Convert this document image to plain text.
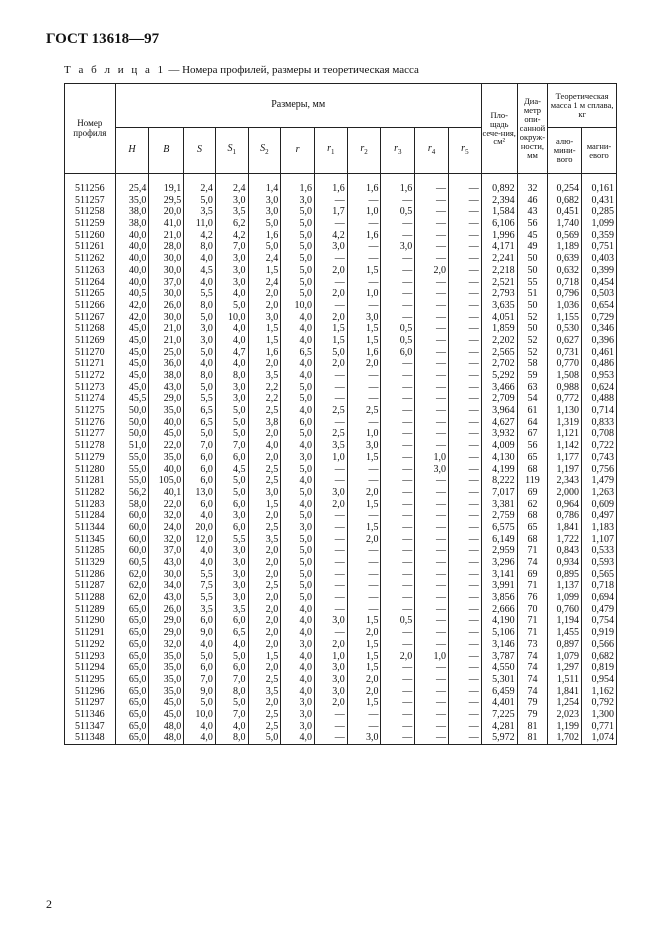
ГОСТ 13618—97
Т а б л и ц а 1 — Номера профилей, размеры и теоретическая масса
Номер профиля	Размеры, мм											Пло-щадь сече-ния, см²	Диа-метр опи-санной окруж-ности, мм	Теоретическая масса 1 м сплава, кг	
	H	B	S	$S_1$	$S_2$	r	$r_1$	$r_2$	$r_3$	$r_4$	$r_5$			алю-мини-вого	магни-евого
511256	25,4	19,1	2,4	2,4	1,4	1,6	1,6	1,6	1,6	—	—	0,892	32	0,254	0,161
511257	35,0	29,5	5,0	3,0	3,0	3,0	—	—	—	—	—	2,394	46	0,682	0,431
511258	38,0	20,0	3,5	3,5	3,0	5,0	1,7	1,0	0,5	—	—	1,584	43	0,451	0,285
511259	38,0	41,0	11,0	6,2	5,0	5,0	—	—	—	—	—	6,106	56	1,740	1,099
511260	40,0	21,0	4,2	4,2	1,6	5,0	4,2	1,6	—	—	—	1,996	45	0,569	0,359
511261	40,0	28,0	8,0	7,0	5,0	5,0	3,0	—	3,0	—	—	4,171	49	1,189	0,751
511262	40,0	30,0	4,0	3,0	2,4	5,0	—	—	—	—	—	2,241	50	0,639	0,403
511263	40,0	30,0	4,5	3,0	1,5	5,0	2,0	1,5	—	2,0	—	2,218	50	0,632	0,399
511264	40,0	37,0	4,0	3,0	2,4	5,0	—	—	—	—	—	2,521	55	0,718	0,454
511265	40,5	30,0	5,5	4,0	2,0	5,0	2,0	1,0	—	—	—	2,793	51	0,796	0,503
511266	42,0	26,0	8,0	5,0	2,0	10,0	—	—	—	—	—	3,635	50	1,036	0,654
511267	42,0	30,0	5,0	10,0	3,0	4,0	2,0	3,0	—	—	—	4,051	52	1,155	0,729
511268	45,0	21,0	3,0	4,0	1,5	4,0	1,5	1,5	0,5	—	—	1,859	50	0,530	0,346
511269	45,0	21,0	3,0	4,0	1,5	4,0	1,5	1,5	0,5	—	—	2,202	52	0,627	0,396
511270	45,0	25,0	5,0	4,7	1,6	6,5	5,0	1,6	6,0	—	—	2,565	52	0,731	0,461
511271	45,0	36,0	4,0	4,0	2,0	4,0	2,0	2,0	—	—	—	2,702	58	0,770	0,486
511272	45,0	38,0	8,0	8,0	3,5	4,0	—	—	—	—	—	5,292	59	1,508	0,953
511273	45,0	43,0	5,0	3,0	2,2	5,0	—	—	—	—	—	3,466	63	0,988	0,624
511274	45,5	29,0	5,5	3,0	2,2	5,0	—	—	—	—	—	2,709	54	0,772	0,488
511275	50,0	35,0	6,5	5,0	2,5	4,0	2,5	2,5	—	—	—	3,964	61	1,130	0,714
511276	50,0	40,0	6,5	5,0	3,8	6,0	—	—	—	—	—	4,627	64	1,319	0,833
511277	50,0	45,0	5,0	5,0	2,0	5,0	2,5	1,0	—	—	—	3,932	67	1,121	0,708
511278	51,0	22,0	7,0	7,0	4,0	4,0	3,5	3,0	—	—	—	4,009	56	1,142	0,722
511279	55,0	35,0	6,0	6,0	2,0	3,0	1,0	1,5	—	1,0	—	4,130	65	1,177	0,743
511280	55,0	40,0	6,0	4,5	2,5	5,0	—	—	—	3,0	—	4,199	68	1,197	0,756
511281	55,0	105,0	6,0	5,0	2,5	4,0	—	—	—	—	—	8,222	119	2,343	1,479
511282	56,2	40,1	13,0	5,0	3,0	5,0	3,0	2,0	—	—	—	7,017	69	2,000	1,263
511283	58,0	22,0	6,0	6,0	1,5	4,0	2,0	1,5	—	—	—	3,381	62	0,964	0,609
511284	60,0	32,0	4,0	3,0	2,0	5,0	—	—	—	—	—	2,759	68	0,786	0,497
511344	60,0	24,0	20,0	6,0	2,5	3,0	—	1,5	—	—	—	6,575	65	1,841	1,183
511345	60,0	32,0	12,0	5,5	3,5	5,0	—	2,0	—	—	—	6,149	68	1,722	1,107
511285	60,0	37,0	4,0	3,0	2,0	5,0	—	—	—	—	—	2,959	71	0,843	0,533
511329	60,5	43,0	4,0	3,0	2,0	5,0	—	—	—	—	—	3,296	74	0,934	0,593
511286	62,0	30,0	5,5	3,0	2,0	5,0	—	—	—	—	—	3,141	69	0,895	0,565
511287	62,0	34,0	7,5	3,0	2,5	5,0	—	—	—	—	—	3,991	71	1,137	0,718
511288	62,0	43,0	5,5	3,0	2,0	5,0	—	—	—	—	—	3,856	76	1,099	0,694
511289	65,0	26,0	3,5	3,5	2,0	4,0	—	—	—	—	—	2,666	70	0,760	0,479
511290	65,0	29,0	6,0	6,0	2,0	4,0	3,0	1,5	0,5	—	—	4,190	71	1,194	0,754
511291	65,0	29,0	9,0	6,5	2,0	4,0	—	2,0	—	—	—	5,106	71	1,455	0,919
511292	65,0	32,0	4,0	4,0	2,0	3,0	2,0	1,5	—	—	—	3,146	73	0,897	0,566
511293	65,0	35,0	5,0	5,0	1,5	4,0	1,0	1,5	2,0	1,0	—	3,787	74	1,079	0,682
511294	65,0	35,0	6,0	6,0	2,0	4,0	3,0	1,5	—	—	—	4,550	74	1,297	0,819
511295	65,0	35,0	7,0	7,0	2,5	4,0	3,0	2,0	—	—	—	5,301	74	1,511	0,954
511296	65,0	35,0	9,0	8,0	3,5	4,0	3,0	2,0	—	—	—	6,459	74	1,841	1,162
511297	65,0	45,0	5,0	5,0	2,0	3,0	2,0	1,5	—	—	—	4,401	79	1,254	0,792
511346	65,0	45,0	10,0	7,0	2,5	3,0	—	—	—	—	—	7,225	79	2,023	1,300
511347	65,0	48,0	4,0	4,0	2,5	3,0	—	—	—	—	—	4,281	81	1,199	0,771
511348	65,0	48,0	4,0	8,0	5,0	4,0	—	3,0	—	—	—	5,972	81	1,702	1,074
2
